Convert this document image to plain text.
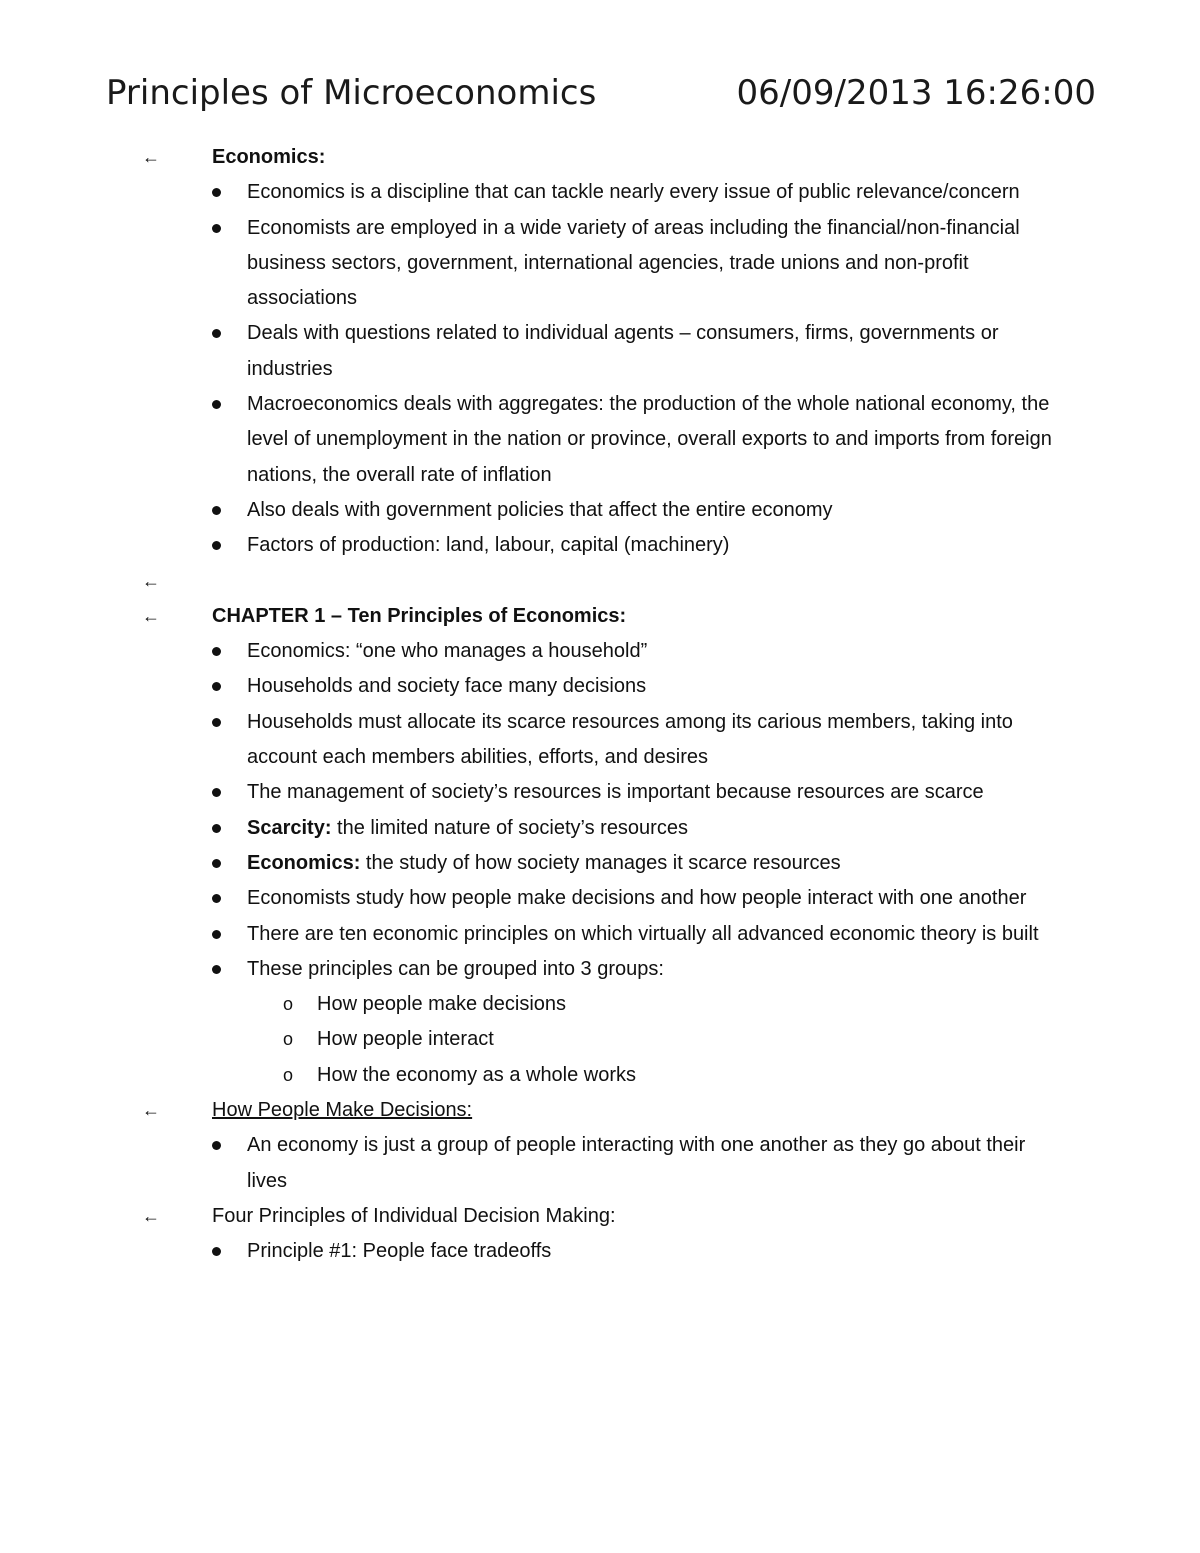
Principles of Microeconomics	06/09/2013 16:26:00
←	Economics:
Economics is a discipline that can tackle nearly every issue of public relevance/concern
Economists are employed in a wide variety of areas including the financial/non-financial business sectors, government, international agencies, trade unions and non-profit associations
Deals with questions related to individual agents – consumers, firms, governments or industries
Macroeconomics deals with aggregates: the production of the whole national economy, the level of unemployment in the nation or province, overall exports to and imports from foreign nations, the overall rate of inflation
Also deals with government policies that affect the entire economy
Factors of production: land, labour, capital (machinery)
←
←	CHAPTER 1 – Ten Principles of Economics:
Economics: “one who manages a household”
Households and society face many decisions
Households must allocate its scarce resources among its carious members, taking into account each members abilities, efforts, and desires
The management of society’s resources is important because resources are scarce
Scarcity: the limited nature of society’s resources
Economics: the study of how society manages it scarce resources
Economists study how people make decisions and how people interact with one another
There are ten economic principles on which virtually all advanced economic theory is built
These principles can be grouped into 3 groups:
o How people make decisions
o How people interact
o How the economy as a whole works
←	How People Make Decisions:
An economy is just a group of people interacting with one another as they go about their lives
←	Four Principles of Individual Decision Making:
Principle #1: People face tradeoffs
